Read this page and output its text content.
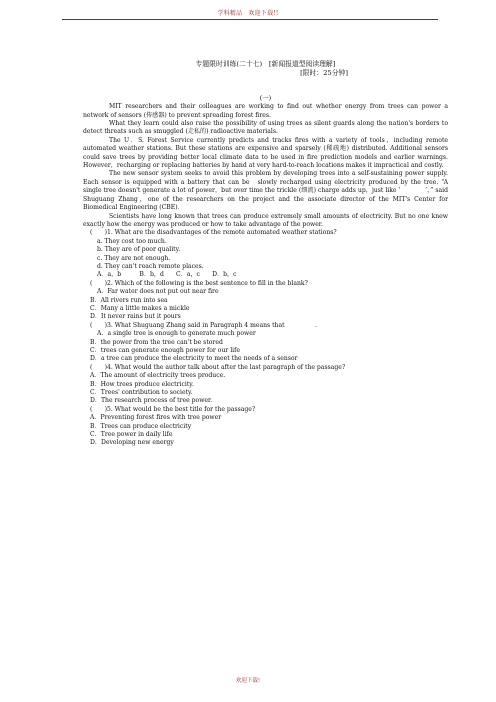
学科精品　欢迎下载!!
专题限时训练(二十七)　[新闻报道型阅读理解]
[限时：25分钟]
(一)

MIT researchers and their colleagues are working to find out whether energy from trees can power a network of sensors (传感器) to prevent spreading forest fires.

What they learn could also raise the possibility of using trees as silent guards along the nation's borders to detect threats such as smuggled (走私的) radioactive materials.

The U．S. Forest Service currently predicts and tracks fires with a variety of tools，including remote automated weather stations. But these stations are expensive and sparsely (稀疏地) distributed. Additional sensors could save trees by providing better local climate data to be used in fire prediction models and earlier warnings. However，recharging or replacing batteries by hand at very hard-to-reach locations makes it impractical and costly.

The new sensor system seeks to avoid this problem by developing trees into a self-sustaining power supply. Each sensor is equipped with a battery that can be　slowly recharged using electricity produced by the tree. “A single tree doesn't generate a lot of power，but over time the trickle (细流) charge adds up，just like ‘　　　　’，” said Shuguang Zhang，one of the researchers on the project and the associate director of the MIT's Center for Biomedical Engineering (CBE)．

Scientists have long known that trees can produce extremely small amounts of electricity. But no one knew exactly how the energy was produced or how to take advantage of the power.

(　　)1. What are the disadvantages of the remote automated weather stations?

a. They cost too much.

b. They are of poor quality.

c. They are not enough.

d. They can't reach remote places.

A．a，b　　　B．b，d　　C．a，c　　D．b，c

(　　)2. Which of the following is the best sentence to fill in the blank?

A．Far water does not put out near fire

B．All rivers run into sea

C．Many a little makes a mickle

D．It never rains but it pours

(　　)3. What Shuguang Zhang said in Paragraph 4 means that　　　　　.

A．a single tree is enough to generate much power

B．the power from the tree can't be stored

C．trees can generate enough power for our life

D．a tree can produce the electricity to meet the needs of a sensor

(　　)4. What would the author talk about after the last paragraph of the passage?

A．The amount of electricity trees produce.

B．How trees produce electricity.

C．Trees' contribution to society.

D．The research process of tree power.

(　　)5. What would be the best title for the passage?

A．Preventing forest fires with tree power

B．Trees can produce electricity

C．Tree power in daily life

D．Developing new energy

欢迎下载!
